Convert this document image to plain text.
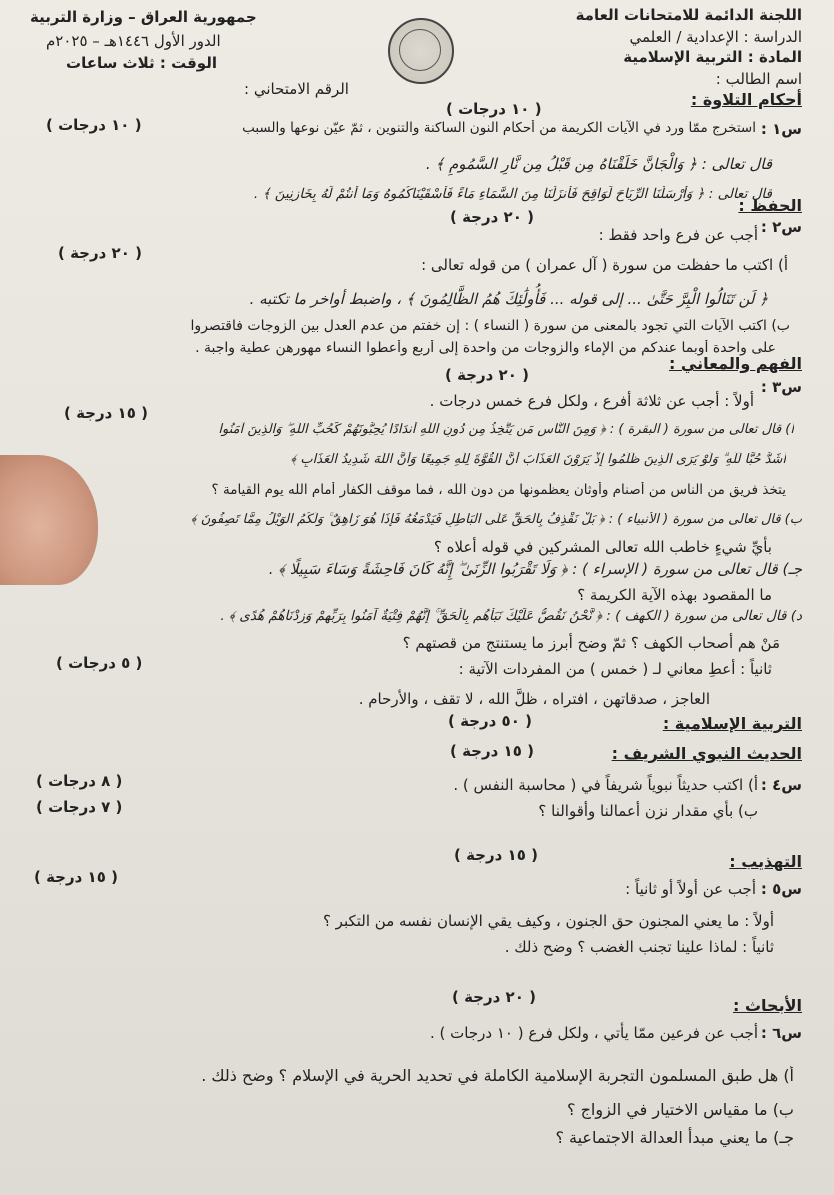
اللجنة الدائمة للامتحانات العامة
الدراسة : الإعدادية / العلمي
المادة : التربية الإسلامية
اسم الطالب :
جمهورية العراق – وزارة التربية
الدور الأول ١٤٤٦هـ – ٢٠٢٥م
الوقت : ثلاث ساعات
الرقم الامتحاني :
( ١٠ درجات )	أحكام التلاوة :
س١ :
استخرج ممّا ورد في الآيات الكريمة من أحكام النون الساكنة والتنوين ، ثمّ عيّن نوعها والسبب
( ١٠ درجات )
قال تعالى : ﴿ وَالْجَانَّ خَلَقْنَاهُ مِن قَبْلُ مِن نَّارِ السَّمُومِ ﴾ .
قال تعالى : ﴿ وَأَرْسَلْنَا الرِّيَاحَ لَوَاقِحَ فَأَنزَلْنَا مِنَ السَّمَاءِ مَاءً فَأَسْقَيْنَاكُمُوهُ وَمَا أَنتُمْ لَهُ بِخَازِنِينَ ﴾ .
الحفظ :
( ٢٠ درجة )
س٢ :
أجب عن فرع واحد فقط :
( ٢٠ درجة )
أ) اكتب ما حفظت من سورة ( آل عمران ) من قوله تعالى :
﴿ لَن تَنَالُوا الْبِرَّ حَتَّىٰ ... إلى قوله ... فَأُولَٰئِكَ هُمُ الظَّالِمُونَ ﴾ ، واضبط أواخر ما تكتبه .
ب) اكتب الآيات التي تجود بالمعنى من سورة ( النساء ) : إن خفتم من عدم العدل بين الزوجات فاقتصروا
على واحدة أوبما عندكم من الإماء والزوجات من واحدة إلى أربع وأعطوا النساء مهورهن عطية واجبة .
الفهم والمعاني :
( ٢٠ درجة )
س٣ :
أولاً : أجب عن ثلاثة أفرع ، ولكل فرع خمس درجات .
( ١٥ درجة )
أ) قال تعالى من سورة ( البقرة ) : ﴿ وَمِنَ النَّاسِ مَن يَتَّخِذُ مِن دُونِ اللَّهِ أَندَادًا يُحِبُّونَهُمْ كَحُبِّ اللَّهِ ۖ وَالَّذِينَ آمَنُوا
أَشَدُّ حُبًّا لِّلَّهِ ۗ وَلَوْ يَرَى الَّذِينَ ظَلَمُوا إِذْ يَرَوْنَ الْعَذَابَ أَنَّ الْقُوَّةَ لِلَّهِ جَمِيعًا وَأَنَّ اللَّهَ شَدِيدُ الْعَذَابِ ﴾
يتخذ فريق من الناس من أصنام وأوثان يعظمونها من دون الله ، فما موقف الكفار أمام الله يوم القيامة ؟
ب) قال تعالى من سورة ( الأنبياء ) : ﴿ بَلْ نَقْذِفُ بِالْحَقِّ عَلَى الْبَاطِلِ فَيَدْمَغُهُ فَإِذَا هُوَ زَاهِقٌ ۚ وَلَكُمُ الْوَيْلُ مِمَّا تَصِفُونَ ﴾
بأيِّ شيءٍ خاطب الله تعالى المشركين في قوله أعلاه ؟
جـ) قال تعالى من سورة ( الإسراء ) : ﴿ وَلَا تَقْرَبُوا الزِّنَىٰ ۖ إِنَّهُ كَانَ فَاحِشَةً وَسَاءَ سَبِيلًا ﴾ .
ما المقصود بهذه الآية الكريمة ؟
د) قال تعالى من سورة ( الكهف ) : ﴿ نَّحْنُ نَقُصُّ عَلَيْكَ نَبَأَهُم بِالْحَقِّ ۚ إِنَّهُمْ فِتْيَةٌ آمَنُوا بِرَبِّهِمْ وَزِدْنَاهُمْ هُدًى ﴾ .
مَنْ هم أصحاب الكهف ؟ ثمّ وضح أبرز ما يستنتج من قصتهم ؟
ثانياً : أعطِ معاني لـ ( خمس ) من المفردات الآتية :
( ٥ درجات )
العاجز ، صدقاتهن ، افتراه ، ظلَّ الله ، لا تقف ، والأرحام .
التربية الإسلامية :
( ٥٠ درجة )
الحديث النبوي الشريف :
( ١٥ درجة )
س٤ :
أ) اكتب حديثاً نبوياً شريفاً في ( محاسبة النفس ) .
( ٨ درجات )
ب) بأي مقدار نزن أعمالنا وأقوالنا ؟
( ٧ درجات )
( ١٥ درجة )	التهذيب :
س٥ :
أجب عن أولاً أو ثانياً :
( ١٥ درجة )
أولاً : ما يعني المجنون حق الجنون ، وكيف يقي الإنسان نفسه من التكبر ؟
ثانياً : لماذا علينا تجنب الغضب ؟ وضح ذلك .
( ٢٠ درجة )	الأبحاث :
س٦ :
أجب عن فرعين ممّا يأتي ، ولكل فرع ( ١٠ درجات ) .
أ) هل طبق المسلمون التجربة الإسلامية الكاملة في تحديد الحرية في الإسلام ؟ وضح ذلك .
ب) ما مقياس الاختيار في الزواج ؟
جـ) ما يعني مبدأ العدالة الاجتماعية ؟
